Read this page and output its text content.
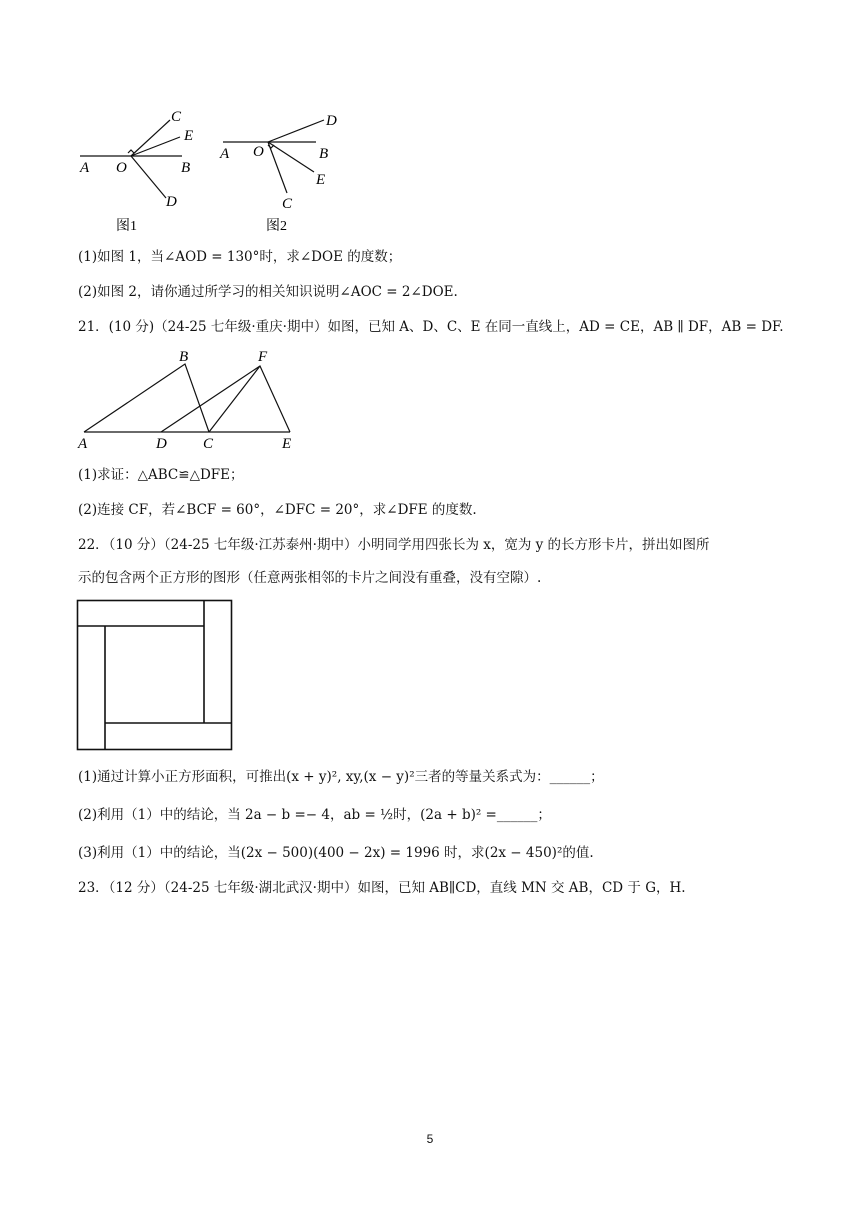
C
E
A O	B
D
图1
D
A O	B
E
C
图2
(1)如图 1，当∠AOD = 130°时，求∠DOE 的度数；
(2)如图 2，请你通过所学习的相关知识说明∠AOC = 2∠DOE.
21．(10 分)（24-25 七年级·重庆·期中）如图，已知 A、D、C、E 在同一直线上，AD = CE，AB ∥ DF，AB = DF.
B	F
A	D C	E
(1)求证：△ABC≌△DFE；
(2)连接 CF，若∠BCF = 60°，∠DFC = 20°，求∠DFE 的度数.
22．（10 分）（24-25 七年级·江苏泰州·期中）小明同学用四张长为 x，宽为 y 的长方形卡片，拼出如图所
示的包含两个正方形的图形（任意两张相邻的卡片之间没有重叠，没有空隙）.
(1)通过计算小正方形面积，可推出(x + y)², xy,(x − y)²三者的等量关系式为：______；
(2)利用（1）中的结论，当 2a − b =− 4，ab = ½时，(2a + b)² =______；
(3)利用（1）中的结论，当(2x − 500)(400 − 2x) = 1996 时，求(2x − 450)²的值.
23．（12 分）（24-25 七年级·湖北武汉·期中）如图，已知 AB∥CD，直线 MN 交 AB，CD 于 G，H.
5
